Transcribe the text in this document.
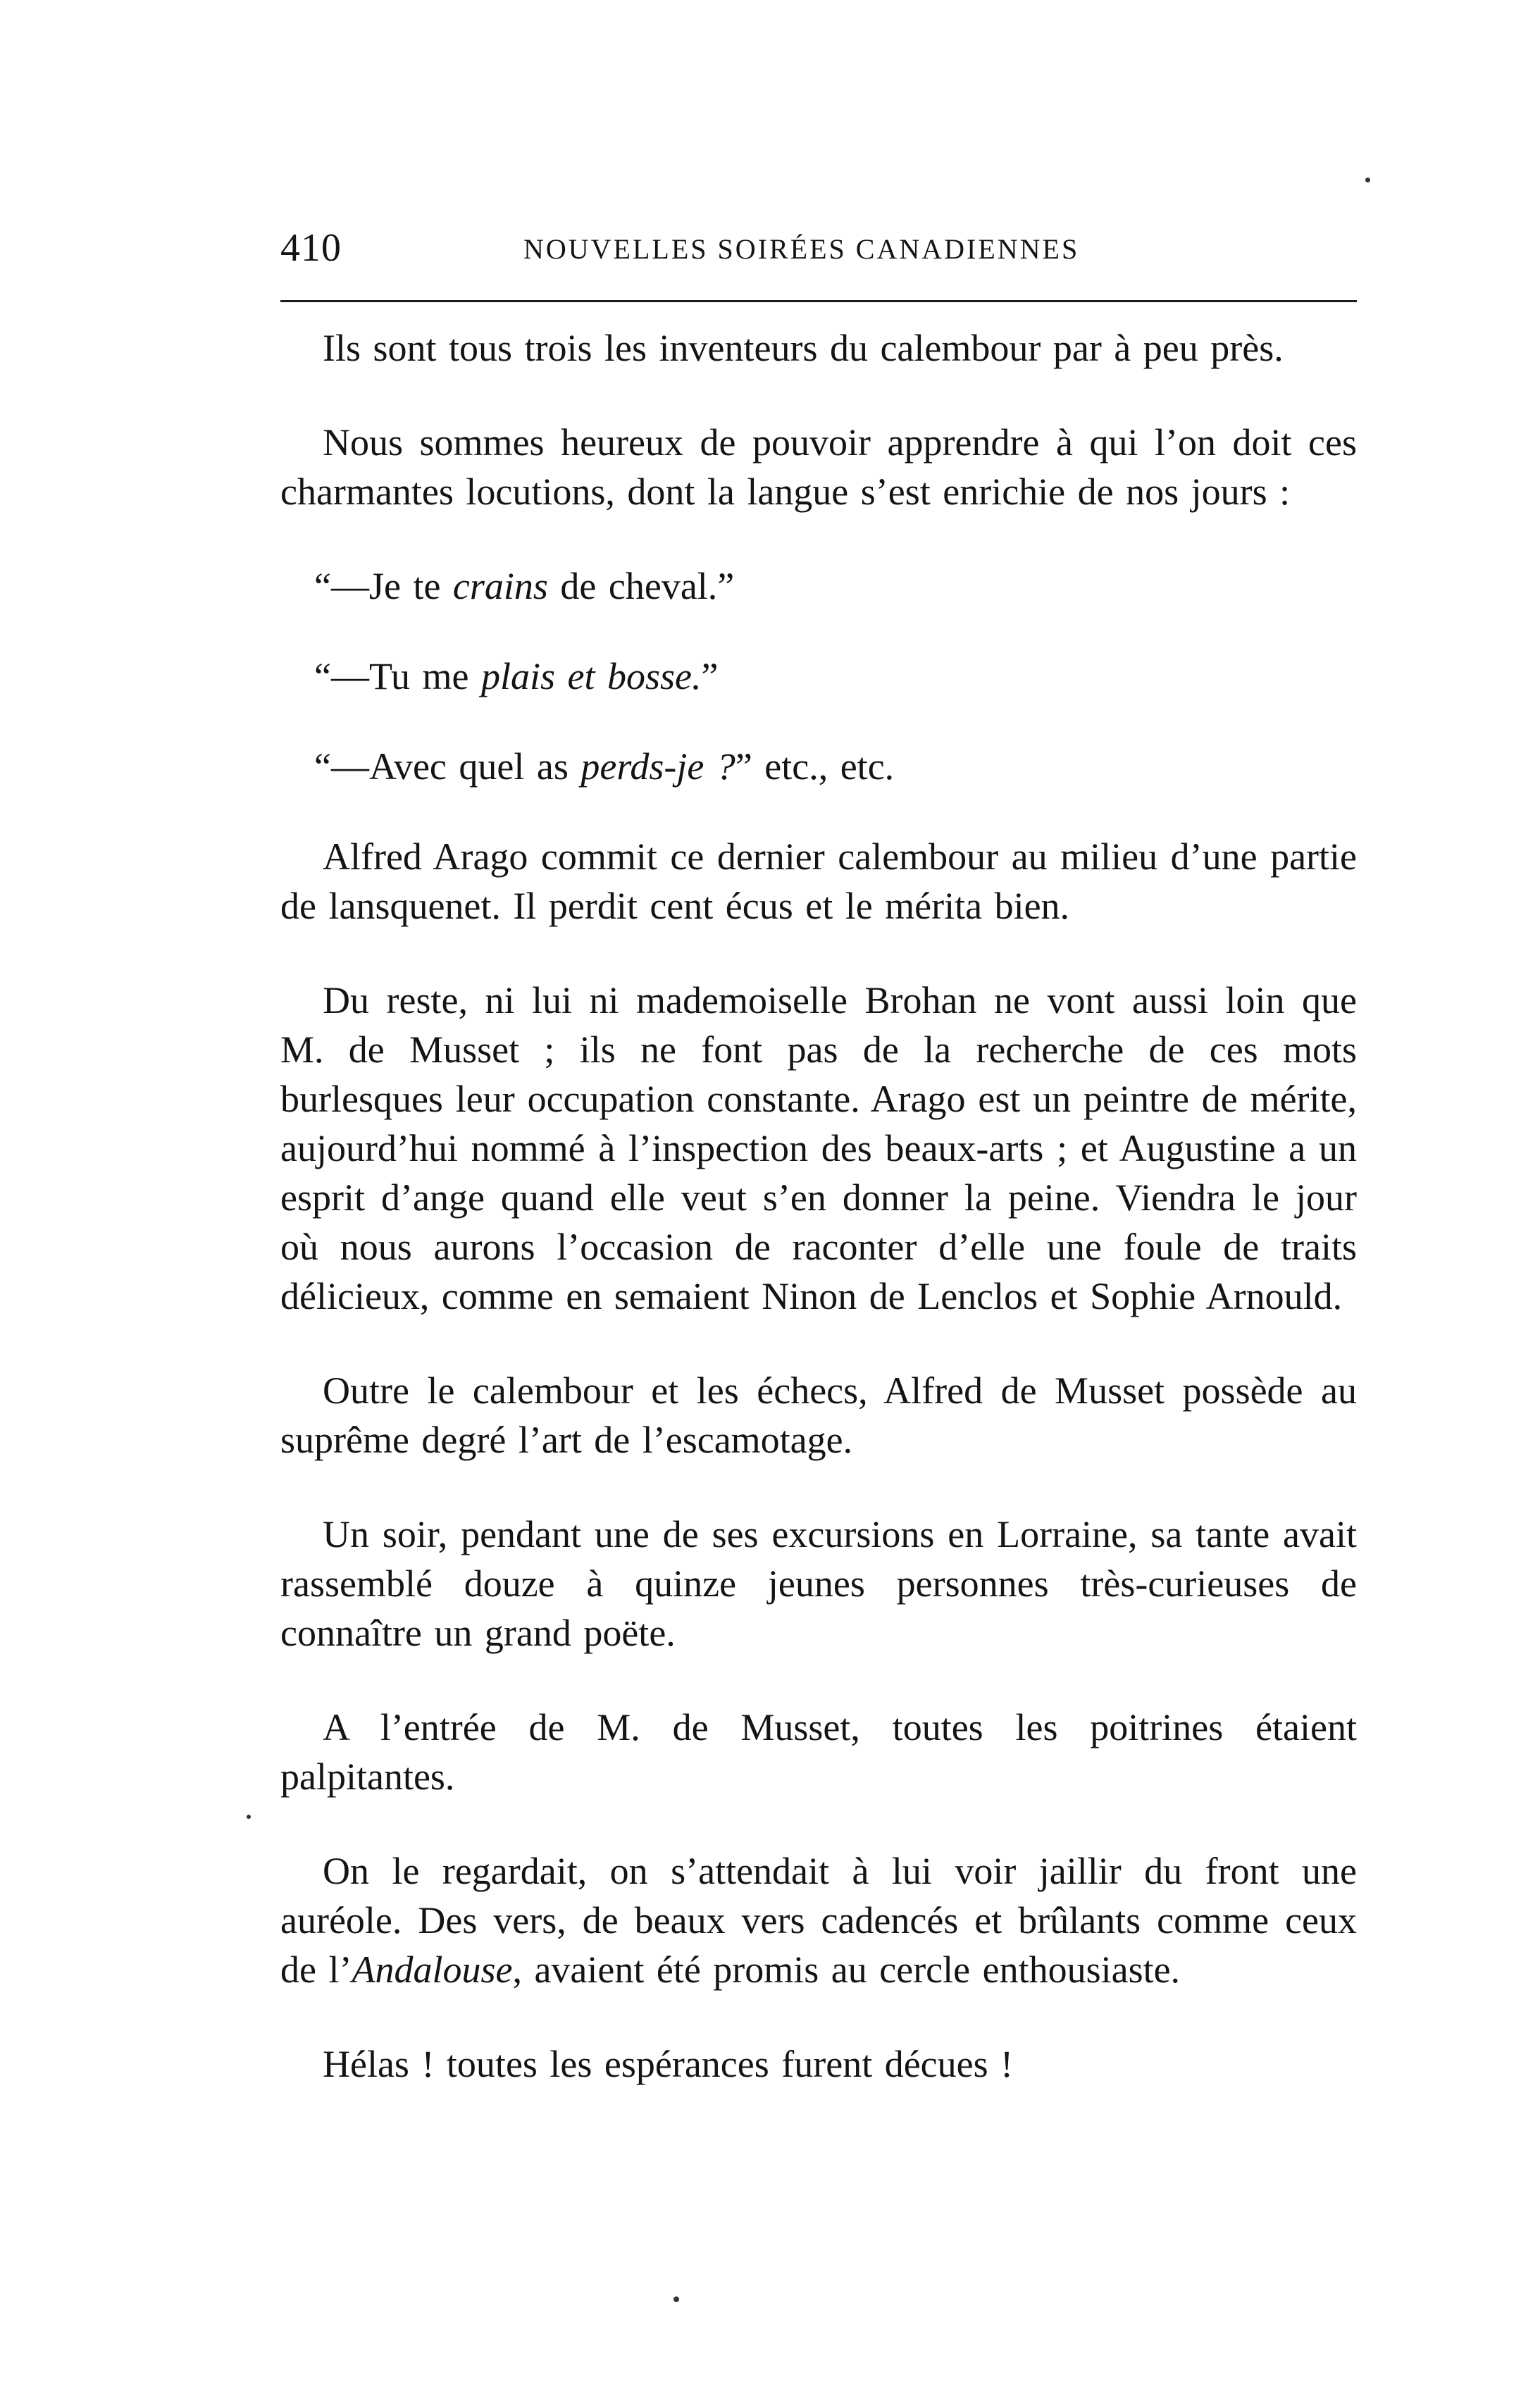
410	NOUVELLES SOIRÉES CANADIENNES

Ils sont tous trois les inventeurs du calembour par à peu près.

Nous sommes heureux de pouvoir apprendre à qui l’on doit ces charmantes locutions, dont la langue s’est enrichie de nos jours :

“—Je te crains de cheval.”

“—Tu me plais et bosse.”

“—Avec quel as perds-je ?” etc., etc.

Alfred Arago commit ce dernier calembour au milieu d’une partie de lansquenet. Il perdit cent écus et le mérita bien.

Du reste, ni lui ni mademoiselle Brohan ne vont aussi loin que M. de Musset ; ils ne font pas de la recherche de ces mots burlesques leur occupation constante. Arago est un peintre de mérite, aujourd’hui nommé à l’inspection des beaux-arts ; et Augustine a un esprit d’ange quand elle veut s’en donner la peine. Viendra le jour où nous aurons l’occasion de raconter d’elle une foule de traits délicieux, comme en semaient Ninon de Lenclos et Sophie Arnould.

Outre le calembour et les échecs, Alfred de Musset possède au suprême degré l’art de l’escamotage.

Un soir, pendant une de ses excursions en Lorraine, sa tante avait rassemblé douze à quinze jeunes personnes très-curieuses de connaître un grand poëte.

A l’entrée de M. de Musset, toutes les poitrines étaient palpitantes.

On le regardait, on s’attendait à lui voir jaillir du front une auréole. Des vers, de beaux vers cadencés et brûlants comme ceux de l’Andalouse, avaient été promis au cercle enthousiaste.

Hélas ! toutes les espérances furent décues !
